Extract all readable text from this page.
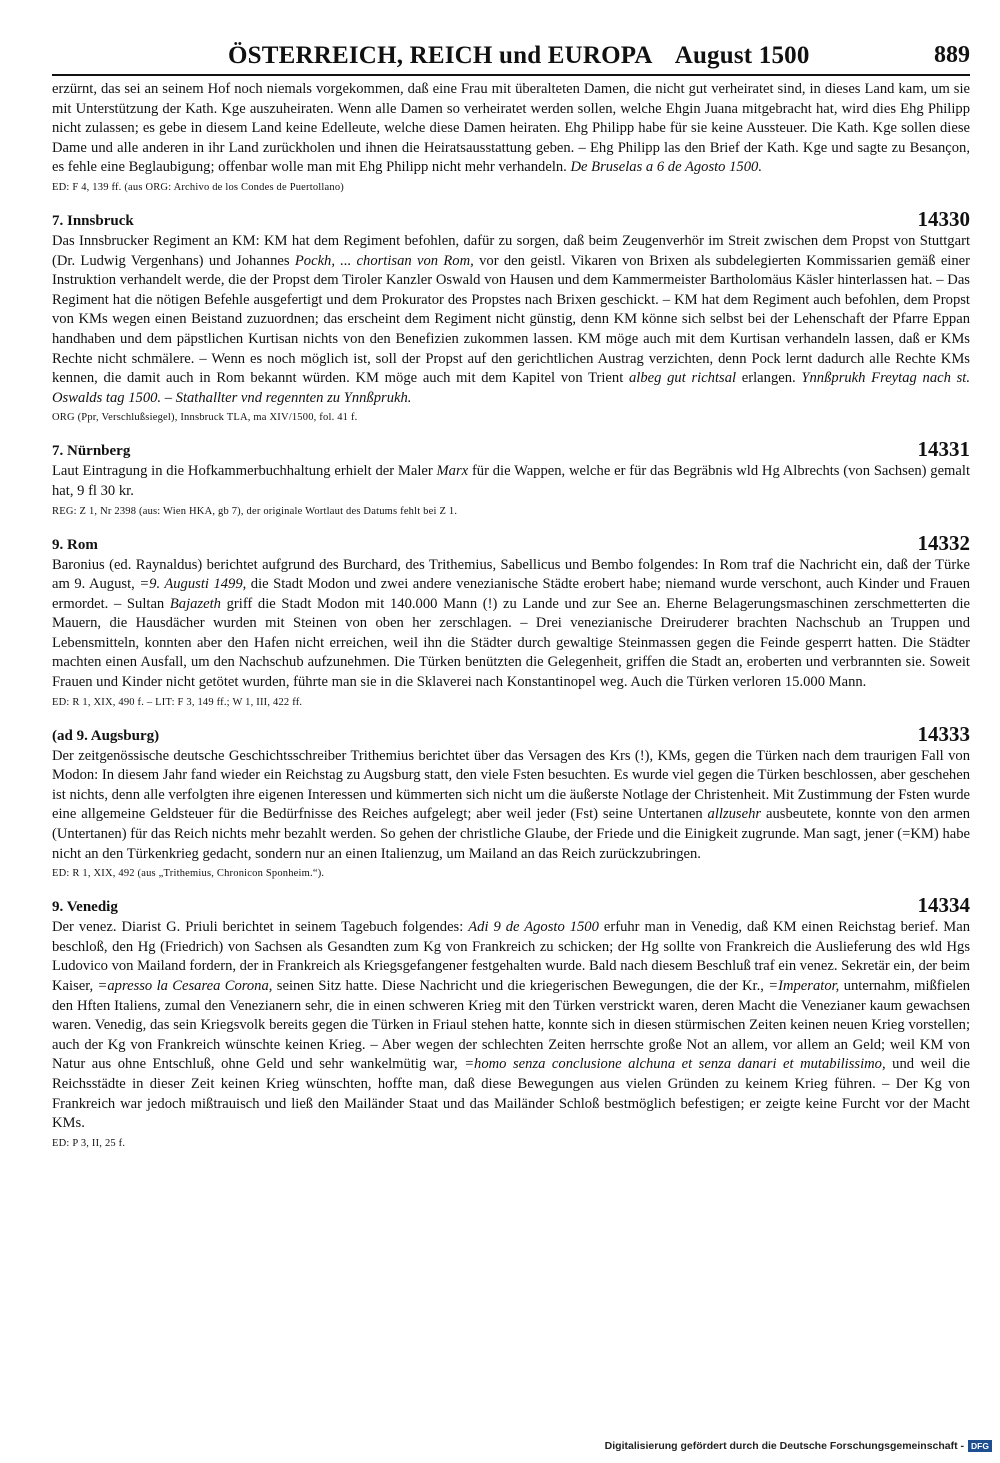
ÖSTERREICH, REICH und EUROPA August 1500	889

erzürnt, das sei an seinem Hof noch niemals vorgekommen, daß eine Frau mit überalteten Damen, die nicht gut verheiratet sind, in dieses Land kam, um sie mit Unterstützung der Kath. Kge auszuheiraten. Wenn alle Damen so verheiratet werden sollen, welche Ehgin Juana mitgebracht hat, wird dies Ehg Philipp nicht zulassen; es gebe in diesem Land keine Edelleute, welche diese Damen heiraten. Ehg Philipp habe für sie keine Aussteuer. Die Kath. Kge sollen diese Dame und alle anderen in ihr Land zurückholen und ihnen die Heiratsausstattung geben. – Ehg Philipp las den Brief der Kath. Kge und sagte zu Besançon, es fehle eine Beglaubigung; offenbar wolle man mit Ehg Philipp nicht mehr verhandeln. De Bruselas a 6 de Agosto 1500.

ED: F 4, 139 ff. (aus ORG: Archivo de los Condes de Puertollano)
7. Innsbruck	14330

Das Innsbrucker Regiment an KM: KM hat dem Regiment befohlen, dafür zu sorgen, daß beim Zeugenverhör im Streit zwischen dem Propst von Stuttgart (Dr. Ludwig Vergenhans) und Johannes Pockh, ... chortisan von Rom, vor den geistl. Vikaren von Brixen als subdelegierten Kommissarien gemäß einer Instruktion verhandelt werde, die der Propst dem Tiroler Kanzler Oswald von Hausen und dem Kammermeister Bartholomäus Käsler hinterlassen hat. – Das Regiment hat die nötigen Befehle ausgefertigt und dem Prokurator des Propstes nach Brixen geschickt. – KM hat dem Regiment auch befohlen, dem Propst von KMs wegen einen Beistand zuzuordnen; das erscheint dem Regiment nicht günstig, denn KM könne sich selbst bei der Lehenschaft der Pfarre Eppan handhaben und dem päpstlichen Kurtisan nichts von den Benefizien zukommen lassen. KM möge auch mit dem Kurtisan verhandeln lassen, daß er KMs Rechte nicht schmälere. – Wenn es noch möglich ist, soll der Propst auf den gerichtlichen Austrag verzichten, denn Pock lernt dadurch alle Rechte KMs kennen, die damit auch in Rom bekannt würden. KM möge auch mit dem Kapitel von Trient albeg gut richtsal erlangen. Ynnßprukh Freytag nach st. Oswalds tag 1500. – Stathallter vnd regennten zu Ynnßprukh.

ORG (Ppr, Verschlußsiegel), Innsbruck TLA, ma XIV/1500, fol. 41 f.
7. Nürnberg	14331

Laut Eintragung in die Hofkammerbuchhaltung erhielt der Maler Marx für die Wappen, welche er für das Begräbnis wld Hg Albrechts (von Sachsen) gemalt hat, 9 fl 30 kr.

REG: Z 1, Nr 2398 (aus: Wien HKA, gb 7), der originale Wortlaut des Datums fehlt bei Z 1.
9. Rom	14332

Baronius (ed. Raynaldus) berichtet aufgrund des Burchard, des Trithemius, Sabellicus und Bembo folgendes: In Rom traf die Nachricht ein, daß der Türke am 9. August, =9. Augusti 1499, die Stadt Modon und zwei andere venezianische Städte erobert habe; niemand wurde verschont, auch Kinder und Frauen ermordet. – Sultan Bajazeth griff die Stadt Modon mit 140.000 Mann (!) zu Lande und zur See an. Eherne Belagerungsmaschinen zerschmetterten die Mauern, die Hausdächer wurden mit Steinen von oben her zerschlagen. – Drei venezianische Dreiruderer brachten Nachschub an Truppen und Lebensmitteln, konnten aber den Hafen nicht erreichen, weil ihn die Städter durch gewaltige Steinmassen gegen die Feinde gesperrt hatten. Die Städter machten einen Ausfall, um den Nachschub aufzunehmen. Die Türken benützten die Gelegenheit, griffen die Stadt an, eroberten und verbrannten sie. Soweit Frauen und Kinder nicht getötet wurden, führte man sie in die Sklaverei nach Konstantinopel weg. Auch die Türken verloren 15.000 Mann.

ED: R 1, XIX, 490 f. – LIT: F 3, 149 ff.; W 1, III, 422 ff.
(ad 9. Augsburg)	14333

Der zeitgenössische deutsche Geschichtsschreiber Trithemius berichtet über das Versagen des Krs (!), KMs, gegen die Türken nach dem traurigen Fall von Modon: In diesem Jahr fand wieder ein Reichstag zu Augsburg statt, den viele Fsten besuchten. Es wurde viel gegen die Türken beschlossen, aber geschehen ist nichts, denn alle verfolgten ihre eigenen Interessen und kümmerten sich nicht um die äußerste Notlage der Christenheit. Mit Zustimmung der Fsten wurde eine allgemeine Geldsteuer für die Bedürfnisse des Reiches aufgelegt; aber weil jeder (Fst) seine Untertanen allzusehr ausbeutete, konnte von den armen (Untertanen) für das Reich nichts mehr bezahlt werden. So gehen der christliche Glaube, der Friede und die Einigkeit zugrunde. Man sagt, jener (=KM) habe nicht an den Türkenkrieg gedacht, sondern nur an einen Italienzug, um Mailand an das Reich zurückzubringen.

ED: R 1, XIX, 492 (aus „Trithemius, Chronicon Sponheim.“).
9. Venedig	14334

Der venez. Diarist G. Priuli berichtet in seinem Tagebuch folgendes: Adi 9 de Agosto 1500 erfuhr man in Venedig, daß KM einen Reichstag berief. Man beschloß, den Hg (Friedrich) von Sachsen als Gesandten zum Kg von Frankreich zu schicken; der Hg sollte von Frankreich die Auslieferung des wld Hgs Ludovico von Mailand fordern, der in Frankreich als Kriegsgefangener festgehalten wurde. Bald nach diesem Beschluß traf ein venez. Sekretär ein, der beim Kaiser, =apresso la Cesarea Corona, seinen Sitz hatte. Diese Nachricht und die kriegerischen Bewegungen, die der Kr., =Imperator, unternahm, mißfielen den Hften Italiens, zumal den Venezianern sehr, die in einen schweren Krieg mit den Türken verstrickt waren, deren Macht die Venezianer kaum gewachsen waren. Venedig, das sein Kriegsvolk bereits gegen die Türken in Friaul stehen hatte, konnte sich in diesen stürmischen Zeiten keinen neuen Krieg vorstellen; auch der Kg von Frankreich wünschte keinen Krieg. – Aber wegen der schlechten Zeiten herrschte große Not an allem, vor allem an Geld; weil KM von Natur aus ohne Entschluß, ohne Geld und sehr wankelmütig war, =homo senza conclusione alchuna et senza danari et mutabilissimo, und weil die Reichsstädte in dieser Zeit keinen Krieg wünschten, hoffte man, daß diese Bewegungen aus vielen Gründen zu keinem Krieg führen. – Der Kg von Frankreich war jedoch mißtrauisch und ließ den Mailänder Staat und das Mailänder Schloß bestmöglich befestigen; er zeigte keine Furcht vor der Macht KMs.

ED: P 3, II, 25 f.
Digitalisierung gefördert durch die Deutsche Forschungsgemeinschaft - DFG
